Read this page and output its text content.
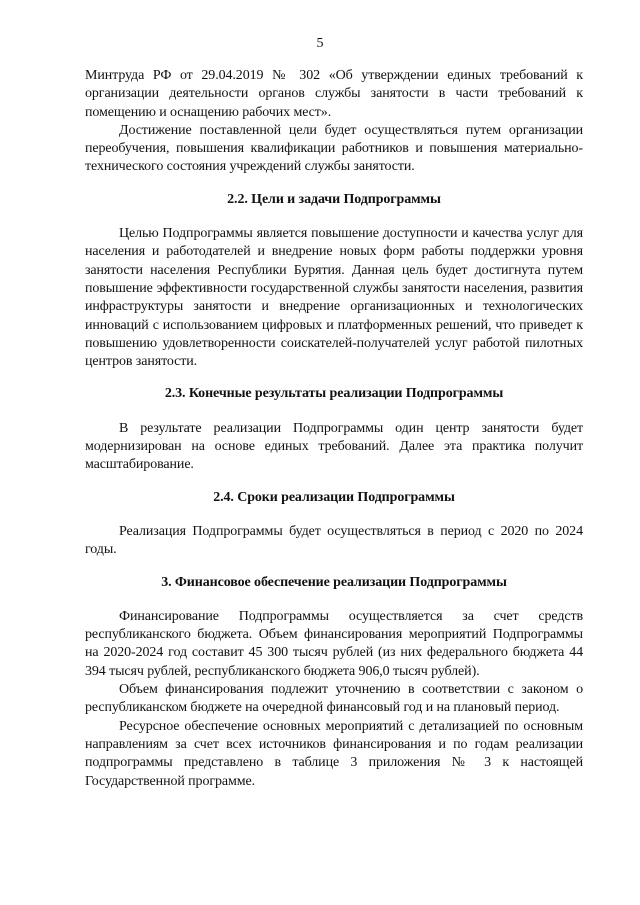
5

Минтруда РФ от 29.04.2019 № 302 «Об утверждении единых требований к организации деятельности органов службы занятости в части требований к помещению и оснащению рабочих мест».

Достижение поставленной цели будет осуществляться путем организации переобучения, повышения квалификации работников и повышения материально-технического состояния учреждений службы занятости.

2.2. Цели и задачи Подпрограммы

Целью Подпрограммы является повышение доступности и качества услуг для населения и работодателей и внедрение новых форм работы поддержки уровня занятости населения Республики Бурятия. Данная цель будет достигнута путем повышение эффективности государственной службы занятости населения, развития инфраструктуры занятости и внедрение организационных и технологических инноваций с использованием цифровых и платформенных решений, что приведет к повышению удовлетворенности соискателей-получателей услуг работой пилотных центров занятости.

2.3. Конечные результаты реализации Подпрограммы

В результате реализации Подпрограммы один центр занятости будет модернизирован на основе единых требований. Далее эта практика получит масштабирование.

2.4. Сроки реализации Подпрограммы

Реализация Подпрограммы будет осуществляться в период с 2020 по 2024 годы.

3. Финансовое обеспечение реализации Подпрограммы

Финансирование Подпрограммы осуществляется за счет средств республиканского бюджета. Объем финансирования мероприятий Подпрограммы на 2020-2024 год составит 45 300 тысяч рублей (из них федерального бюджета 44 394 тысяч рублей, республиканского бюджета 906,0 тысяч рублей).

Объем финансирования подлежит уточнению в соответствии с законом о республиканском бюджете на очередной финансовый год и на плановый период.

Ресурсное обеспечение основных мероприятий с детализацией по основным направлениям за счет всех источников финансирования и по годам реализации подпрограммы представлено в таблице 3 приложения № 3 к настоящей Государственной программе.
